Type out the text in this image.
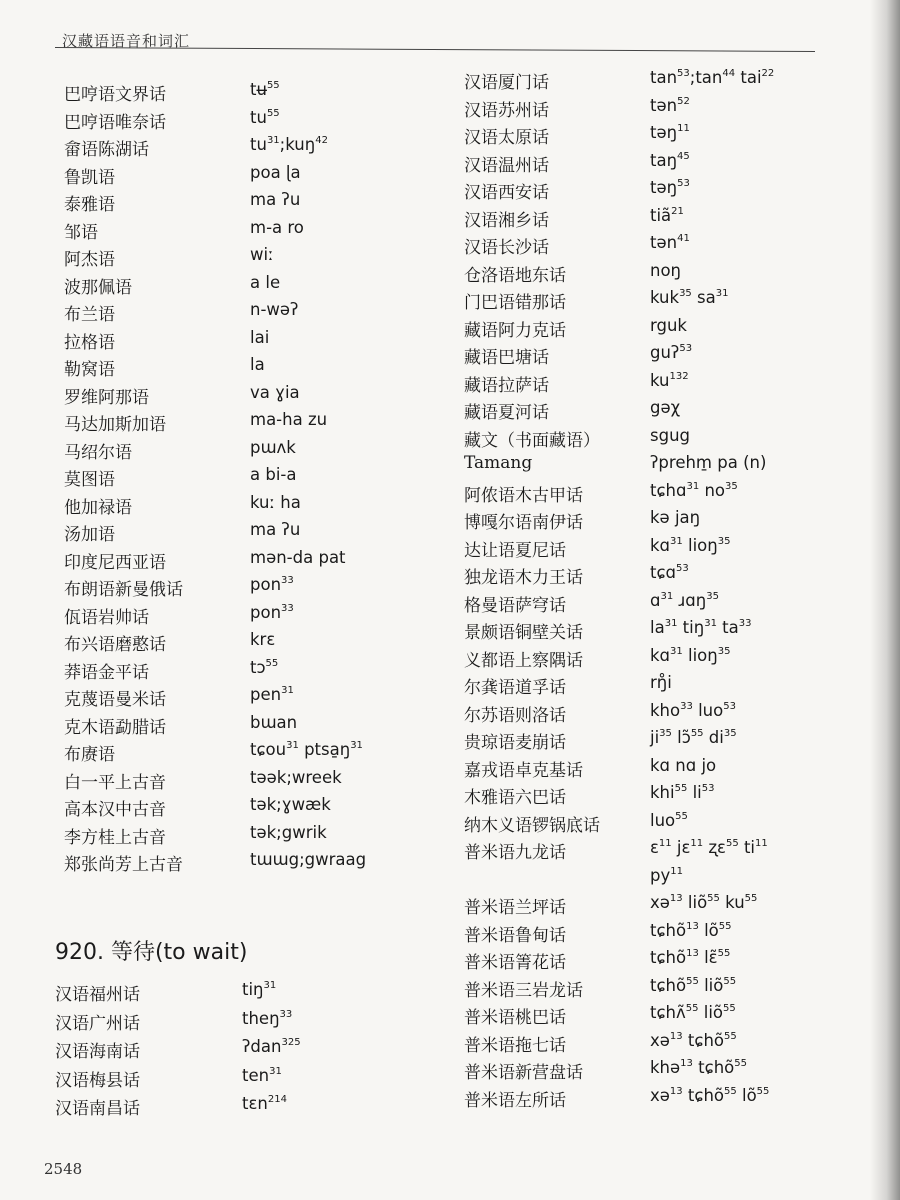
汉藏语语音和词汇
巴哼语文界话	tʉ$^{55}$
巴哼语唯奈话	$tu^{55}$
畲语陈湖话	$tu^{31};kuŋ^{42}$
鲁凯语	poa ɭa
泰雅语	ma ʔu
邹语	m-a ro
阿杰语	wiː
波那佩语	a le
布兰语	n-wəʔ
拉格语	lai
勒窝语	la
罗维阿那语	va ɣia
马达加斯加语	ma-ha zu
马绍尔语	pɯʌk
莫图语	a bi-a
他加禄语	kuː ha
汤加语	ma ʔu
印度尼西亚语	mən-da pat
布朗语新曼俄话	pon$^{33}$
佤语岩帅话	pon$^{33}$
布兴语磨憨话	krɛ
莽语金平话	tɔ$^{55}$
克蔑语曼米话	pen$^{31}$
克木语勐腊话	bɯan
布赓语	tɕou$^{31}$ $ptsa̱ŋ^{31}$
白一平上古音	təək;wreek
高本汉中古音	tək;ɣwæk
李方桂上古音	tək;gwrik
郑张尚芳上古音	tɯɯg;gwraag
汉语厦门话	$\tan^{53};\tan^{44}$ tai$^{22}$
汉语苏州话	tən$^{52}$
汉语太原话	təŋ$^{11}$
汉语温州话	taŋ$^{45}$
汉语西安话	təŋ$^{53}$
汉语湘乡话	tiã$^{21}$
汉语长沙话	tən$^{41}$
仓洛语地东话	noŋ
门巴语错那话	kuk$^{35}$ $sa^{31}$
藏语阿力克话	rguk
藏语巴塘话	guʔ$^{53}$
藏语拉萨话	$ku^{132}$
藏语夏河话	gəχ
藏文（书面藏语）	sgug
Tamang	ʔprehm̱ pa (n)
阿侬语木古甲话	tɕhɑ$^{31}$ $no^{35}$
博嘎尔语南伊话	kə jaŋ
达让语夏尼话	kɑ$^{31}$ lioŋ$^{35}$
独龙语木力王话	tɕɑ$^{53}$
格曼语萨穹话	ɑ$^{31}$ ɹɑŋ$^{35}$
景颇语铜壁关话	$la^{31}$ tiŋ$^{31}$ $ta^{33}$
义都语上察隅话	kɑ$^{31}$ lioŋ$^{35}$
尔龚语道孚话	rŋ̊i
尔苏语则洛话	kho$^{33}$ luo$^{53}$
贵琼语麦崩话	$ji^{35}$ lɔ̃$^{55}$ $di^{35}$
嘉戎语卓克基话	kɑ nɑ jo
木雅语六巴话	khi$^{55}$ $li^{53}$
纳木义语锣锅底话	luo$^{55}$
普米语九龙话	ɛ$^{11}$ jɛ$^{11}$ ʐɛ$^{55}$ $ti^{11}$
$py^{11}$
普米语兰坪话	xə$^{13}$ liõ$^{55}$ $ku^{55}$
普米语鲁甸话	tɕhõ$^{13}$ $lõ^{55}$
普米语箐花话	tɕhõ$^{13}$ lɛ̃$^{55}$
普米语三岩龙话	tɕhõ$^{55}$ liõ$^{55}$
普米语桃巴话	tɕhʌ̃$^{55}$ liõ$^{55}$
普米语拖七话	xə$^{13}$ tɕhõ$^{55}$
普米语新营盘话	khə$^{13}$ tɕhõ$^{55}$
普米语左所话	xə$^{13}$ tɕhõ$^{55}$ $lõ^{55}$
920. 等待(to wait)
汉语福州话	tiŋ$^{31}$
汉语广州话	theŋ$^{33}$
汉语海南话	ʔdan$^{325}$
汉语梅县话	ten$^{31}$
汉语南昌话	tɛn$^{214}$
2548
